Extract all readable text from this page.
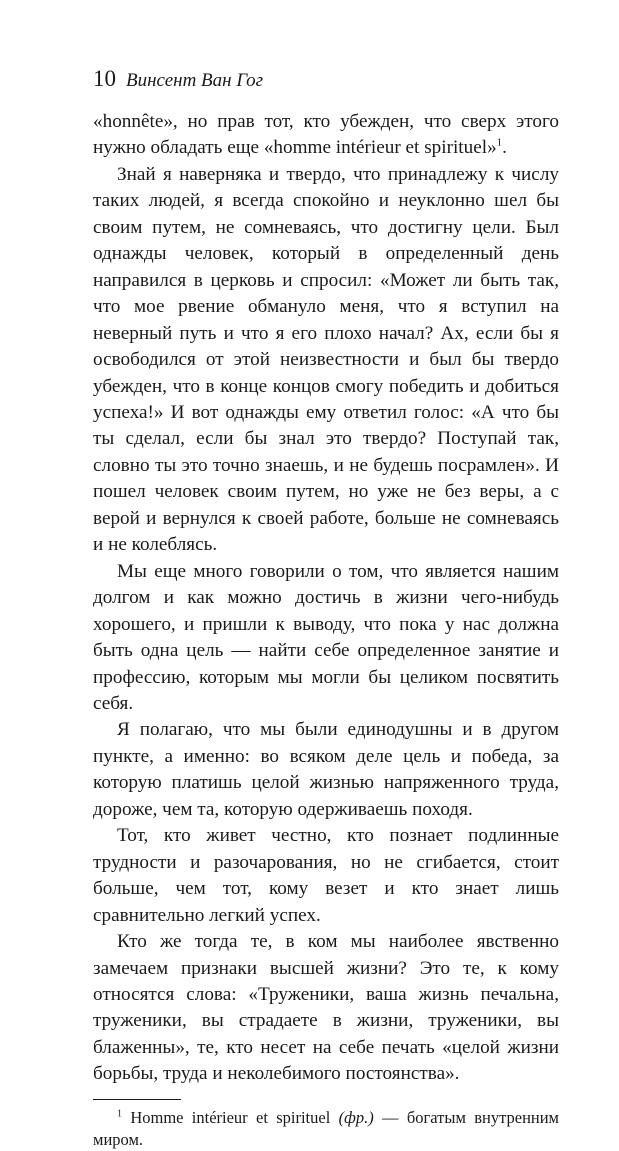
10 Винсент Ван Гог

«honnête», но прав тот, кто убежден, что сверх этого нужно обладать еще «homme intérieur et spirituel»$^1$.

Знай я наверняка и твердо, что принадлежу к числу таких людей, я всегда спокойно и неуклонно шел бы своим путем, не сомневаясь, что достигну цели. Был однажды человек, который в определенный день направился в церковь и спросил: «Может ли быть так, что мое рвение обмануло меня, что я вступил на неверный путь и что я его плохо начал? Ах, если бы я освободился от этой неизвестности и был бы твердо убежден, что в конце концов смогу победить и добиться успеха!» И вот однажды ему ответил голос: «А что бы ты сделал, если бы знал это твердо? Поступай так, словно ты это точно знаешь, и не будешь посрамлен». И пошел человек своим путем, но уже не без веры, а с верой и вернулся к своей работе, больше не сомневаясь и не колеблясь.

Мы еще много говорили о том, что является нашим долгом и как можно достичь в жизни чего-нибудь хорошего, и пришли к выводу, что пока у нас должна быть одна цель — найти себе определенное занятие и профессию, которым мы могли бы целиком посвятить себя.

Я полагаю, что мы были единодушны и в другом пункте, а именно: во всяком деле цель и победа, за которую платишь целой жизнью напряженного труда, дороже, чем та, которую одерживаешь походя.

Тот, кто живет честно, кто познает подлинные трудности и разочарования, но не сгибается, стоит больше, чем тот, кому везет и кто знает лишь сравнительно легкий успех.

Кто же тогда те, в ком мы наиболее явственно замечаем признаки высшей жизни? Это те, к кому относятся слова: «Труженики, ваша жизнь печальна, труженики, вы страдаете в жизни, труженики, вы блаженны», те, кто несет на себе печать «целой жизни борьбы, труда и неколебимого постоянства».

$^1$ Homme intérieur et spirituel (фр.) — богатым внутренним миром.
